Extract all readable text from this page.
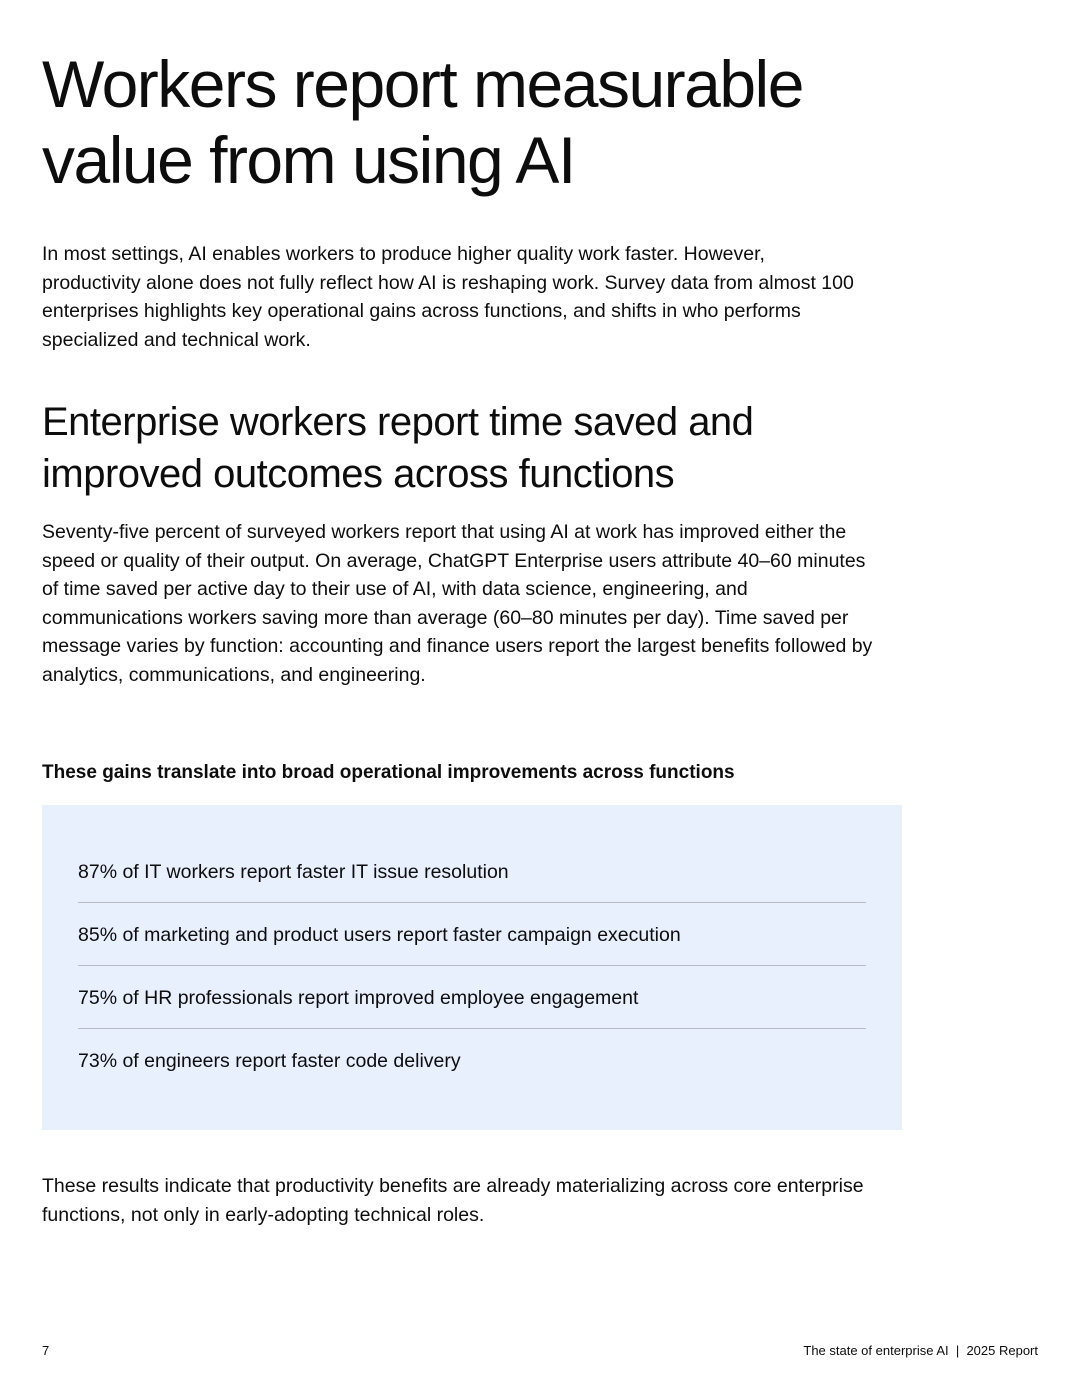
Workers report measurable value from using AI

In most settings, AI enables workers to produce higher quality work faster. However, productivity alone does not fully reflect how AI is reshaping work. Survey data from almost 100 enterprises highlights key operational gains across functions, and shifts in who performs specialized and technical work.

Enterprise workers report time saved and improved outcomes across functions

Seventy-five percent of surveyed workers report that using AI at work has improved either the speed or quality of their output. On average, ChatGPT Enterprise users attribute 40–60 minutes of time saved per active day to their use of AI, with data science, engineering, and communications workers saving more than average (60–80 minutes per day). Time saved per message varies by function: accounting and finance users report the largest benefits followed by analytics, communications, and engineering.

These gains translate into broad operational improvements across functions
87% of IT workers report faster IT issue resolution
85% of marketing and product users report faster campaign execution
75% of HR professionals report improved employee engagement
73% of engineers report faster code delivery

These results indicate that productivity benefits are already materializing across core enterprise functions, not only in early-adopting technical roles.

7	The state of enterprise AI  |  2025 Report
